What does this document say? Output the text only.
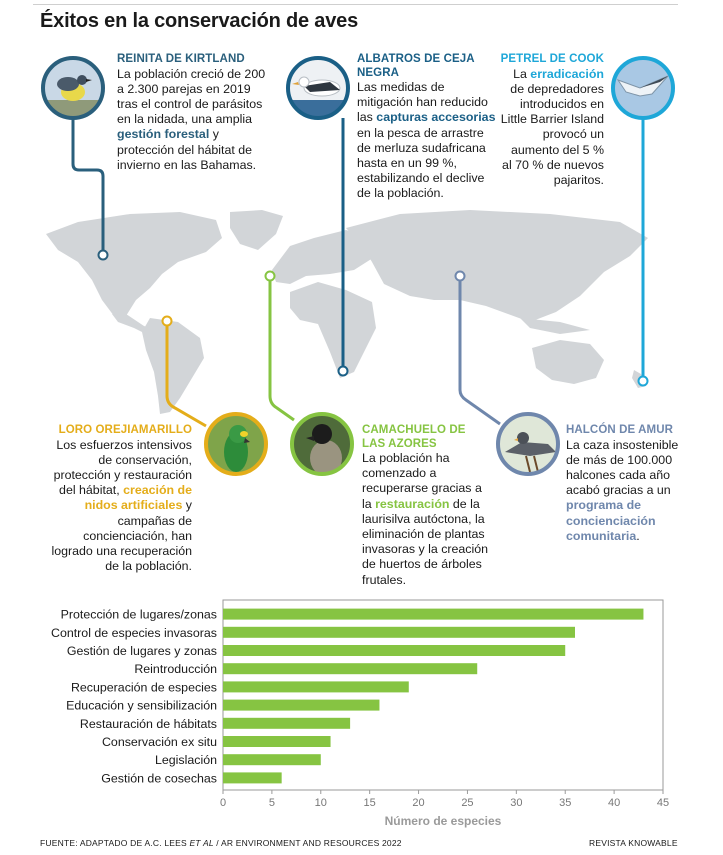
Éxitos en la conservación de aves
REINITA DE KIRTLAND
La población creció de 200 a 2.300 parejas en 2019 tras el control de parásitos en la nidada, una amplia gestión forestal y protección del hábitat de invierno en las Bahamas.
ALBATROS DE CEJA NEGRA
Las medidas de mitigación han reducido las capturas accesorias en la pesca de arrastre de merluza sudafricana hasta en un 99 %, estabilizando el declive de la población.
PETREL DE COOK
La erradicación de depredadores introducidos en Little Barrier Island provocó un aumento del 5 % al 70 % de nuevos pajaritos.
LORO OREJIAMARILLO
Los esfuerzos intensivos de conservación, protección y restauración del hábitat, creación de nidos artificiales y campañas de concienciación, han logrado una recuperación de la población.
CAMACHUELO DE LAS AZORES
La población ha comenzado a recuperarse gracias a la restauración de la laurisilva autóctona, la eliminación de plantas invasoras y la creación de huertos de árboles frutales.
HALCÓN DE AMUR
La caza insostenible de más de 100.000 halcones cada año acabó gracias a un programa de concienciación comunitaria.
Protección de lugares/zonas
Control de especies invasoras
Gestión de lugares y zonas
Reintroducción
Recuperación de especies
Educación y sensibilización
Restauración de hábitats
Conservación ex situ
Legislación
Gestión de cosechas
0	5	10	15	20	25	30	35	40	45
Número de especies
FUENTE: ADAPTADO DE A.C. LEES ET AL / AR ENVIRONMENT AND RESOURCES 2022	REVISTA KNOWABLE
